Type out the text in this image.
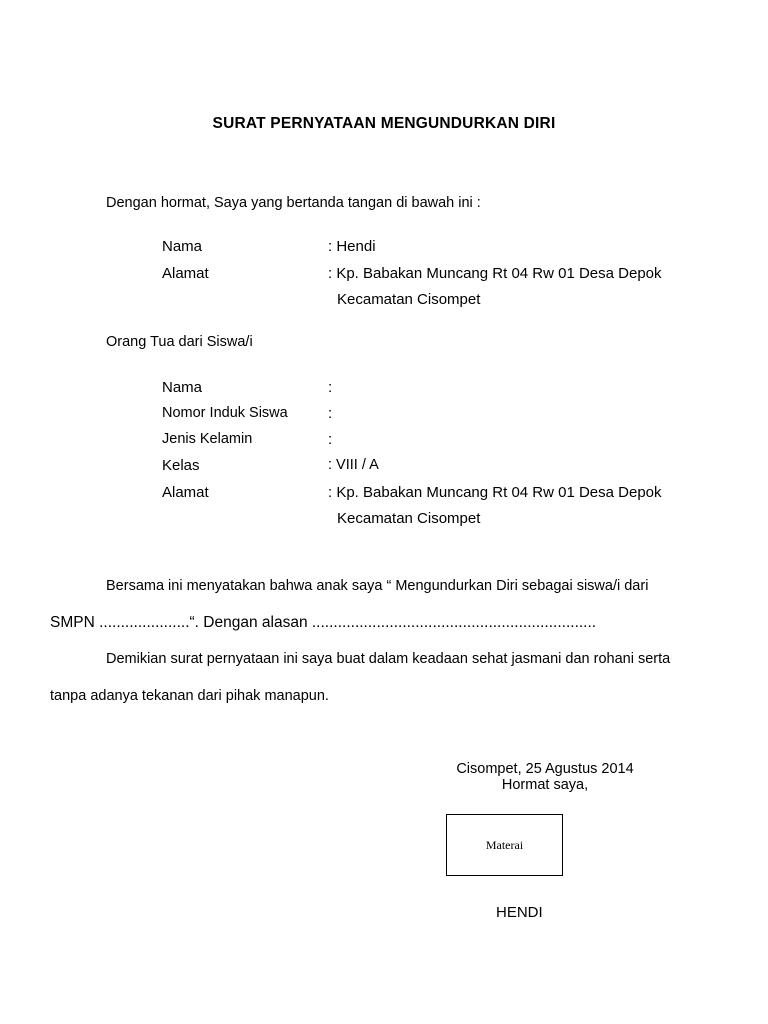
SURAT PERNYATAAN MENGUNDURKAN DIRI
Dengan hormat, Saya yang bertanda tangan di bawah ini :
Nama	: Hendi
Alamat	: Kp. Babakan Muncang Rt 04 Rw 01 Desa Depok
Kecamatan Cisompet
Orang Tua dari Siswa/i
Nama	:
Nomor Induk Siswa	:
Jenis Kelamin	:
Kelas	: VIII / A
Alamat	: Kp. Babakan Muncang Rt 04 Rw 01 Desa Depok
Kecamatan Cisompet
Bersama ini menyatakan bahwa anak saya “ Mengundurkan Diri sebagai siswa/i dari
SMPN .....................“. Dengan alasan ..................................................................
Demikian surat pernyataan ini saya buat dalam keadaan sehat jasmani dan rohani serta
tanpa adanya tekanan dari pihak manapun.
Cisompet, 25 Agustus 2014
Hormat saya,
Materai
HENDI
